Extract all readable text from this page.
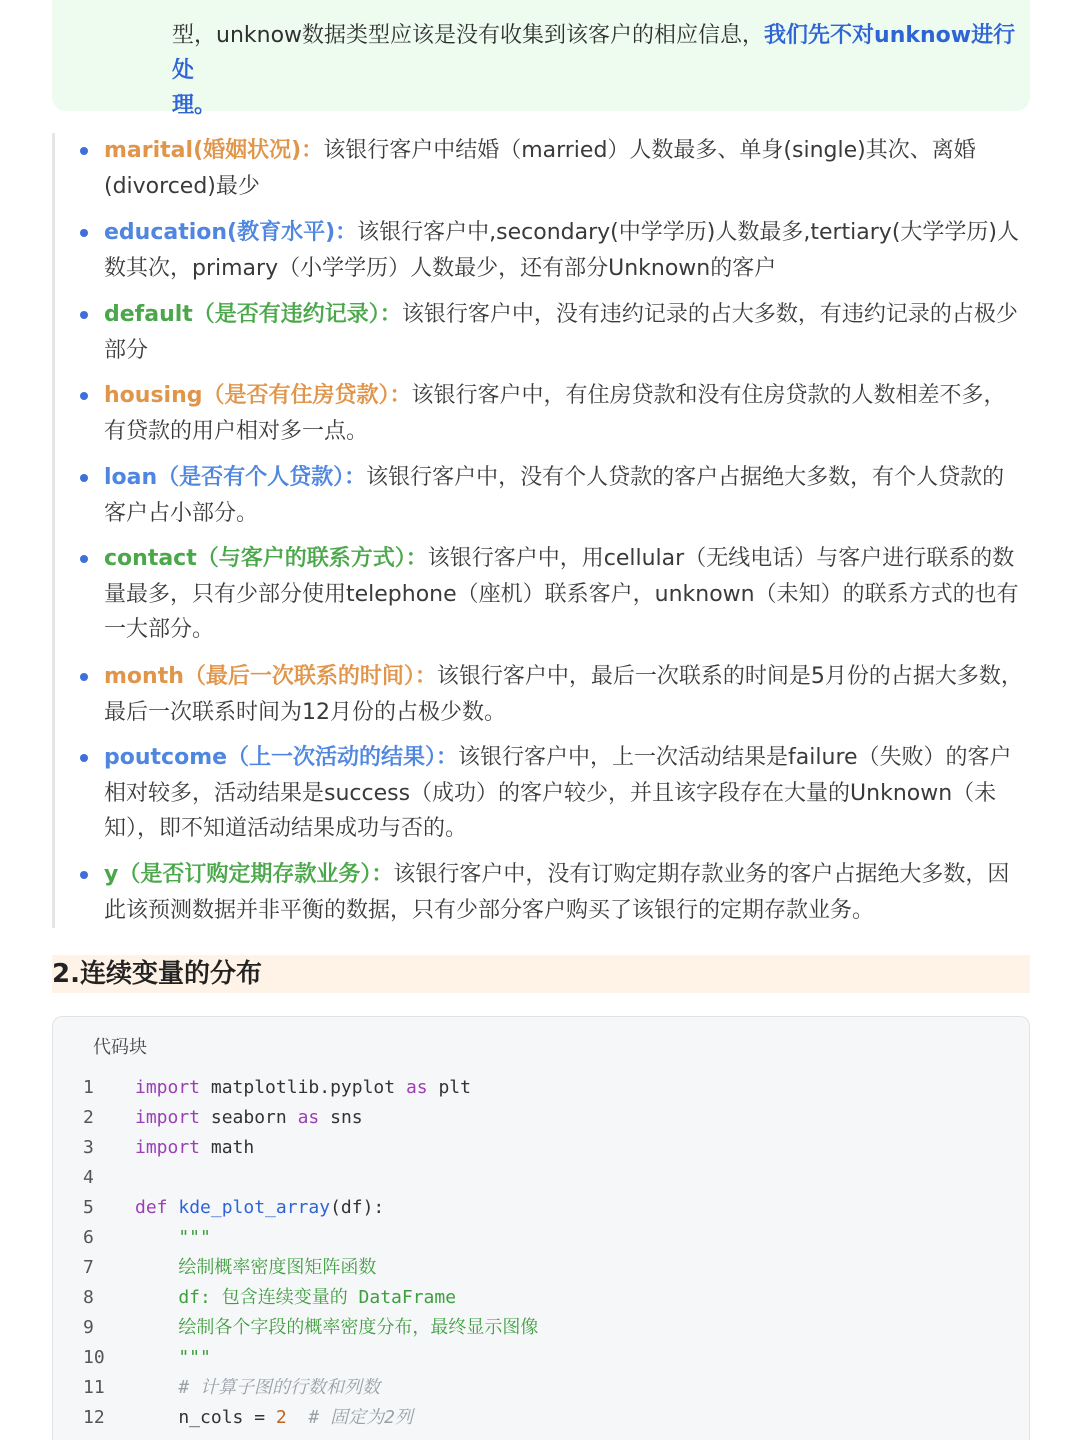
型，unknow数据类型应该是没有收集到该客户的相应信息，我们先不对unknow进行处
理。
marital(婚姻状况)：该银行客户中结婚（married）人数最多、单身(single)其次、离婚(divorced)最少
education(教育水平)：该银行客户中,secondary(中学学历)人数最多,tertiary(大学学历)人数其次，primary（小学学历）人数最少，还有部分Unknown的客户
default（是否有违约记录）：该银行客户中，没有违约记录的占大多数，有违约记录的占极少部分
housing（是否有住房贷款）：该银行客户中，有住房贷款和没有住房贷款的人数相差不多，有贷款的用户相对多一点。
loan（是否有个人贷款）：该银行客户中，没有个人贷款的客户占据绝大多数，有个人贷款的客户占小部分。
contact（与客户的联系方式）：该银行客户中，用cellular（无线电话）与客户进行联系的数量最多，只有少部分使用telephone（座机）联系客户，unknown（未知）的联系方式的也有一大部分。
month（最后一次联系的时间）：该银行客户中，最后一次联系的时间是5月份的占据大多数，最后一次联系时间为12月份的占极少数。
poutcome（上一次活动的结果）：该银行客户中，上一次活动结果是failure（失败）的客户相对较多，活动结果是success（成功）的客户较少，并且该字段存在大量的Unknown（未知），即不知道活动结果成功与否的。
y（是否订购定期存款业务）：该银行客户中，没有订购定期存款业务的客户占据绝大多数，因此该预测数据并非平衡的数据，只有少部分客户购买了该银行的定期存款业务。
2.连续变量的分布
代码块
1 import matplotlib.pyplot as plt
2 import seaborn as sns
3 import math
4
5 def kde_plot_array(df):
6    """
7    绘制概率密度图矩阵函数
8    df: 包含连续变量的 DataFrame
9    绘制各个字段的概率密度分布，最终显示图像
10    """
11    # 计算子图的行数和列数
12    n_cols = 2  # 固定为2列
